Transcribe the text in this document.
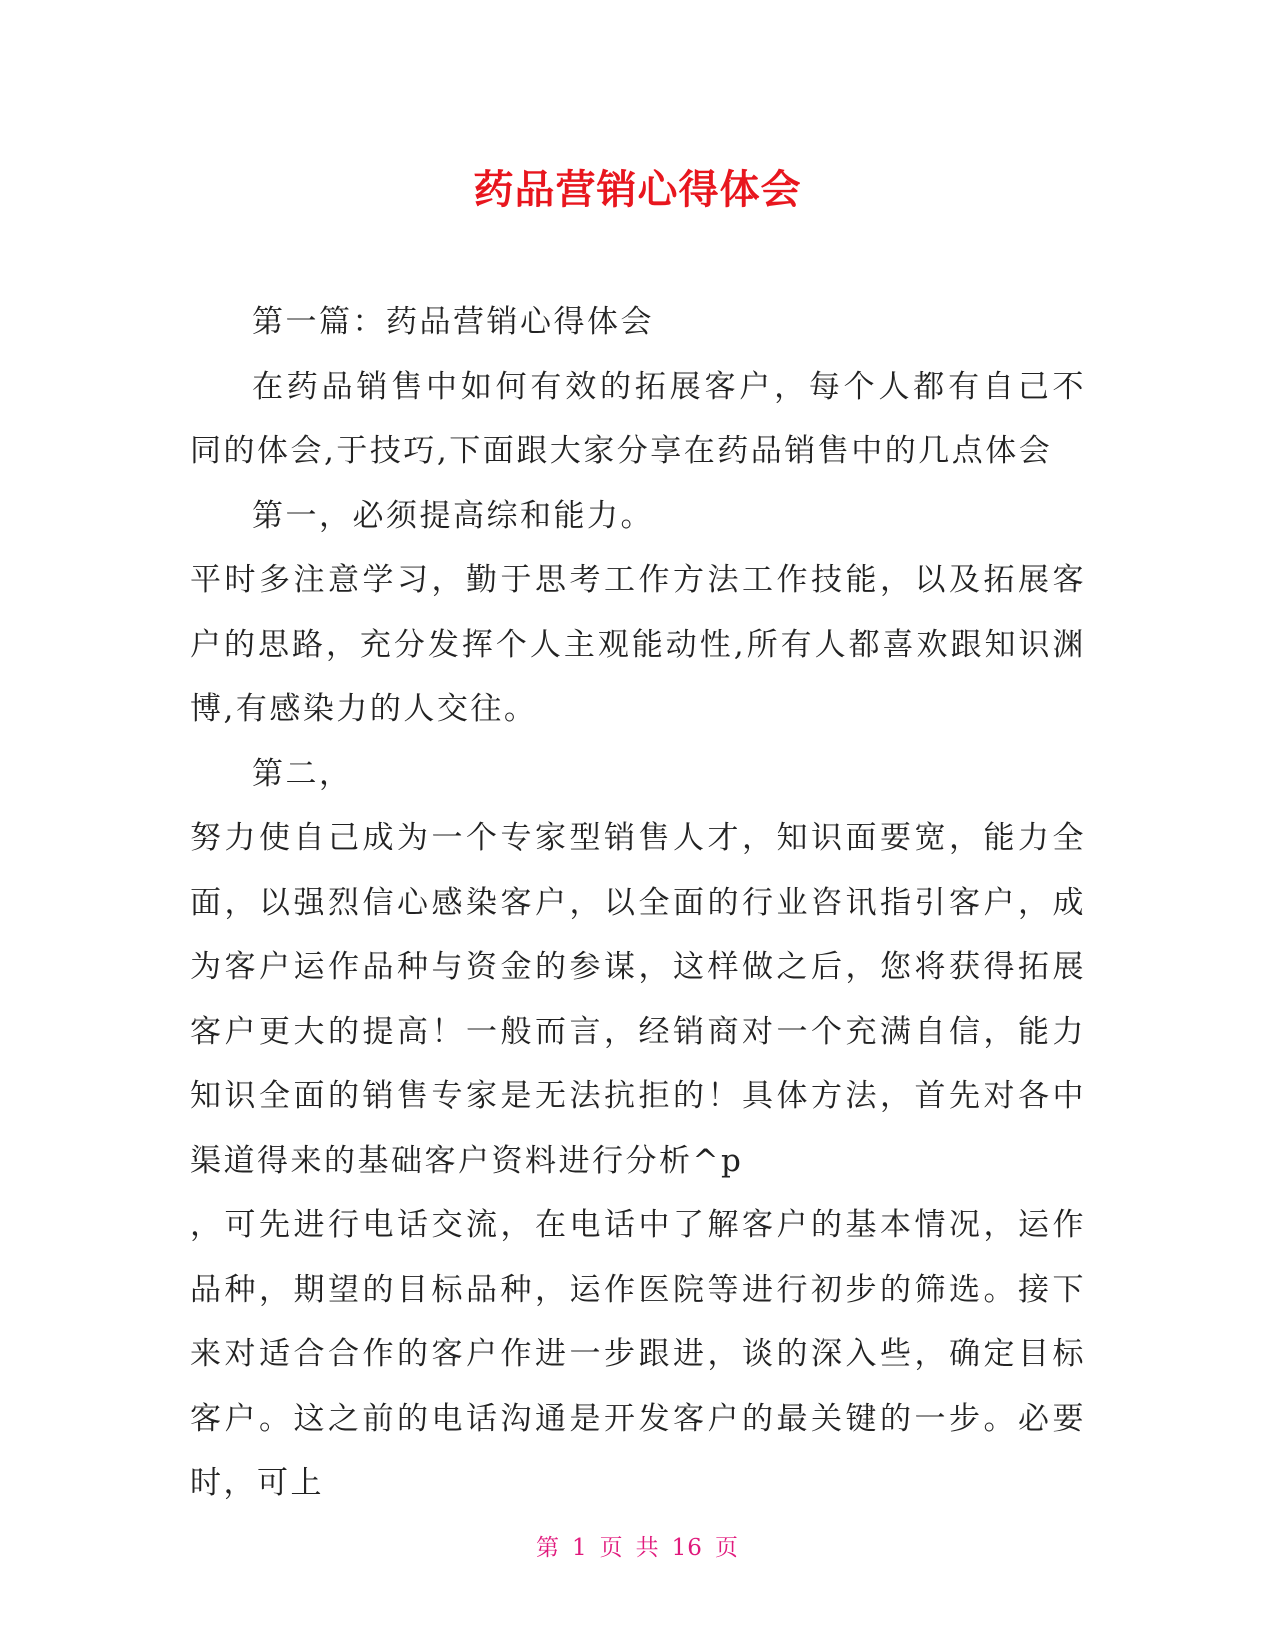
药品营销心得体会

第一篇：药品营销心得体会

在药品销售中如何有效的拓展客户，每个人都有自己不同的体会,于技巧,下面跟大家分享在药品销售中的几点体会

第一，必须提高综和能力。

平时多注意学习，勤于思考工作方法工作技能，以及拓展客户的思路，充分发挥个人主观能动性,所有人都喜欢跟知识渊博,有感染力的人交往。

第二，

努力使自己成为一个专家型销售人才，知识面要宽，能力全面，以强烈信心感染客户，以全面的行业咨讯指引客户，成为客户运作品种与资金的参谋，这样做之后，您将获得拓展客户更大的提高！一般而言，经销商对一个充满自信，能力知识全面的销售专家是无法抗拒的！具体方法，首先对各中渠道得来的基础客户资料进行分析^p

，可先进行电话交流，在电话中了解客户的基本情况，运作品种，期望的目标品种，运作医院等进行初步的筛选。接下来对适合合作的客户作进一步跟进，谈的深入些，确定目标客户。这之前的电话沟通是开发客户的最关键的一步。必要时，可上

第 1 页 共 16 页
